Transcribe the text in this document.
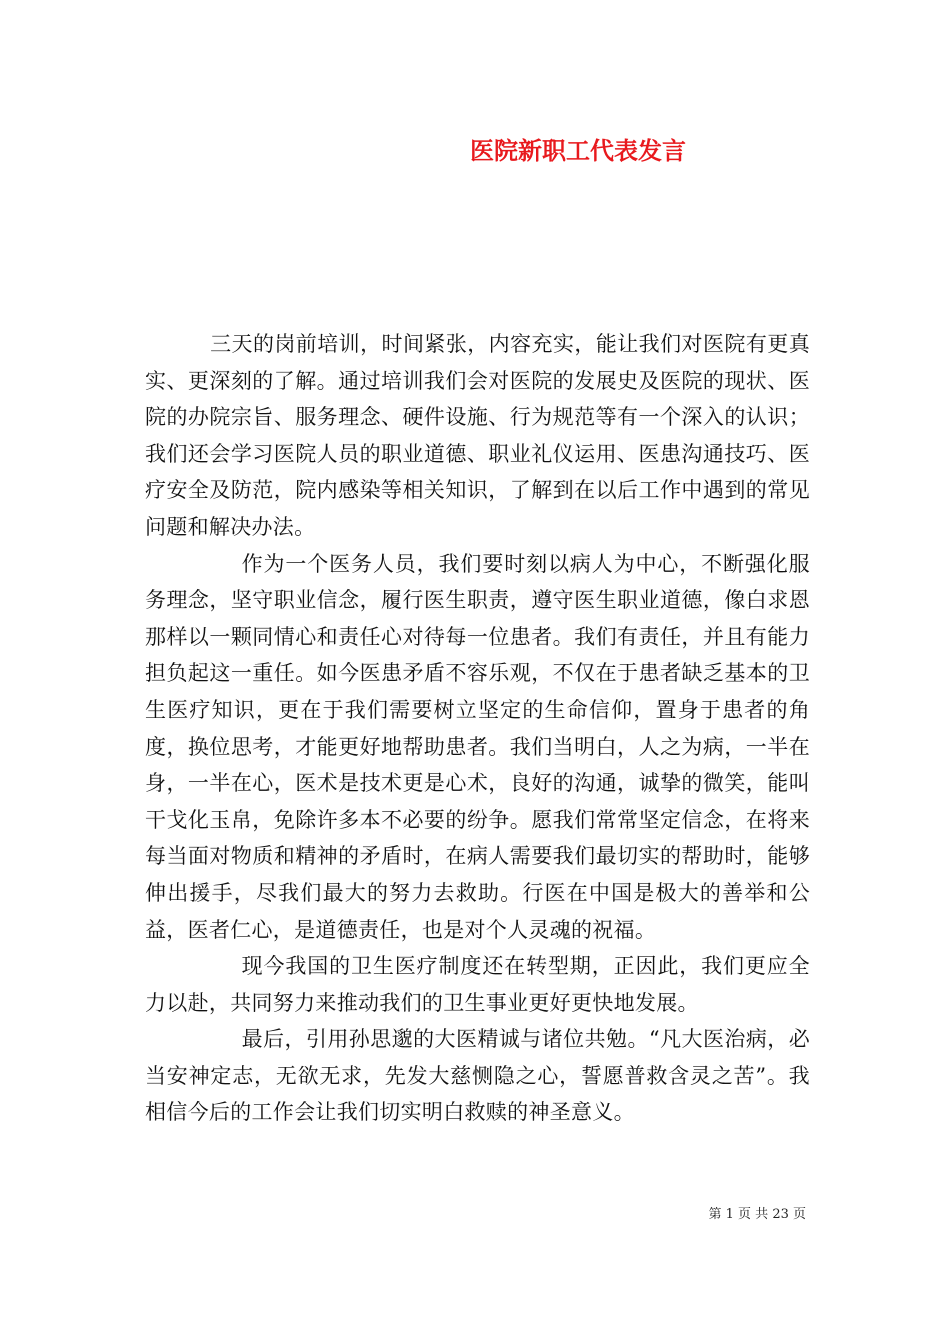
医院新职工代表发言

三天的岗前培训，时间紧张，内容充实，能让我们对医院有更真实、更深刻的了解。通过培训我们会对医院的发展史及医院的现状、医院的办院宗旨、服务理念、硬件设施、行为规范等有一个深入的认识；我们还会学习医院人员的职业道德、职业礼仪运用、医患沟通技巧、医疗安全及防范，院内感染等相关知识，了解到在以后工作中遇到的常见问题和解决办法。

作为一个医务人员，我们要时刻以病人为中心，不断强化服务理念，坚守职业信念，履行医生职责，遵守医生职业道德，像白求恩那样以一颗同情心和责任心对待每一位患者。我们有责任，并且有能力担负起这一重任。如今医患矛盾不容乐观，不仅在于患者缺乏基本的卫生医疗知识，更在于我们需要树立坚定的生命信仰，置身于患者的角度，换位思考，才能更好地帮助患者。我们当明白，人之为病，一半在身，一半在心，医术是技术更是心术，良好的沟通，诚挚的微笑，能叫干戈化玉帛，免除许多本不必要的纷争。愿我们常常坚定信念，在将来每当面对物质和精神的矛盾时，在病人需要我们最切实的帮助时，能够伸出援手，尽我们最大的努力去救助。行医在中国是极大的善举和公益，医者仁心，是道德责任，也是对个人灵魂的祝福。

现今我国的卫生医疗制度还在转型期，正因此，我们更应全力以赴，共同努力来推动我们的卫生事业更好更快地发展。

最后，引用孙思邈的大医精诚与诸位共勉。“凡大医治病，必当安神定志，无欲无求，先发大慈恻隐之心，誓愿普救含灵之苦”。我相信今后的工作会让我们切实明白救赎的神圣意义。

第 1 页 共 23 页
